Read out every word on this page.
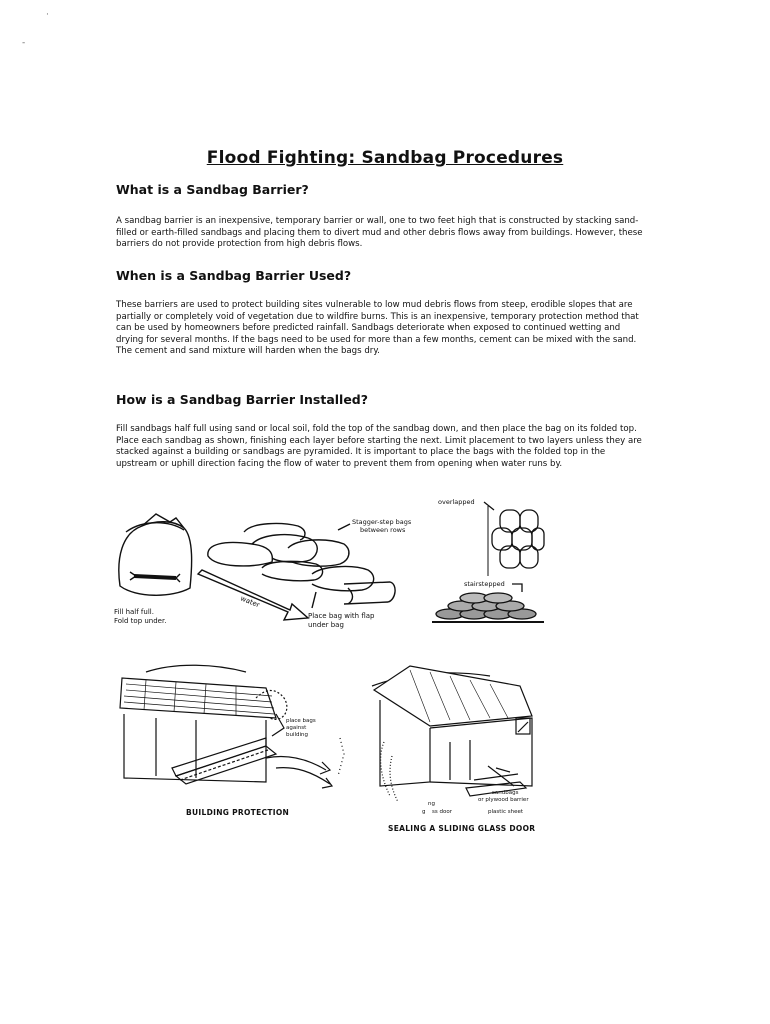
·
-
Flood Fighting: Sandbag Procedures
What is a Sandbag Barrier?

A sandbag barrier is an inexpensive, temporary barrier or wall, one to two feet high that is constructed by stacking sand-filled or earth-filled sandbags and placing them to divert mud and other debris flows away from buildings. However, these barriers do not provide protection from high debris flows.

When is a Sandbag Barrier Used?

These barriers are used to protect building sites vulnerable to low mud debris flows from steep, erodible slopes that are partially or completely void of vegetation due to wildfire burns. This is an inexpensive, temporary protection method that can be used by homeowners before predicted rainfall. Sandbags deteriorate when exposed to continued wetting and drying for several months. If the bags need to be used for more than a few months, cement can be mixed with the sand. The cement and sand mixture will harden when the bags dry.

How is a Sandbag Barrier Installed?

Fill sandbags half full using sand or local soil, fold the top of the sandbag down, and then place the bag on its folded top. Place each sandbag as shown, finishing each layer before starting the next. Limit placement to two layers unless they are stacked against a building or sandbags are pyramided. It is important to place the bags with the folded top in the upstream or uphill direction facing the flow of water to prevent them from opening when water runs by.

Fill half full.
Fold top under.
water
Stagger-step bags
between rows
Place bag with flap
under bag
overlapped
stairstepped
place bags
against
building
BUILDING PROTECTION
sandbags
or plywood barrier
ng
g ss door	plastic sheet
SEALING A SLIDING GLASS DOOR
